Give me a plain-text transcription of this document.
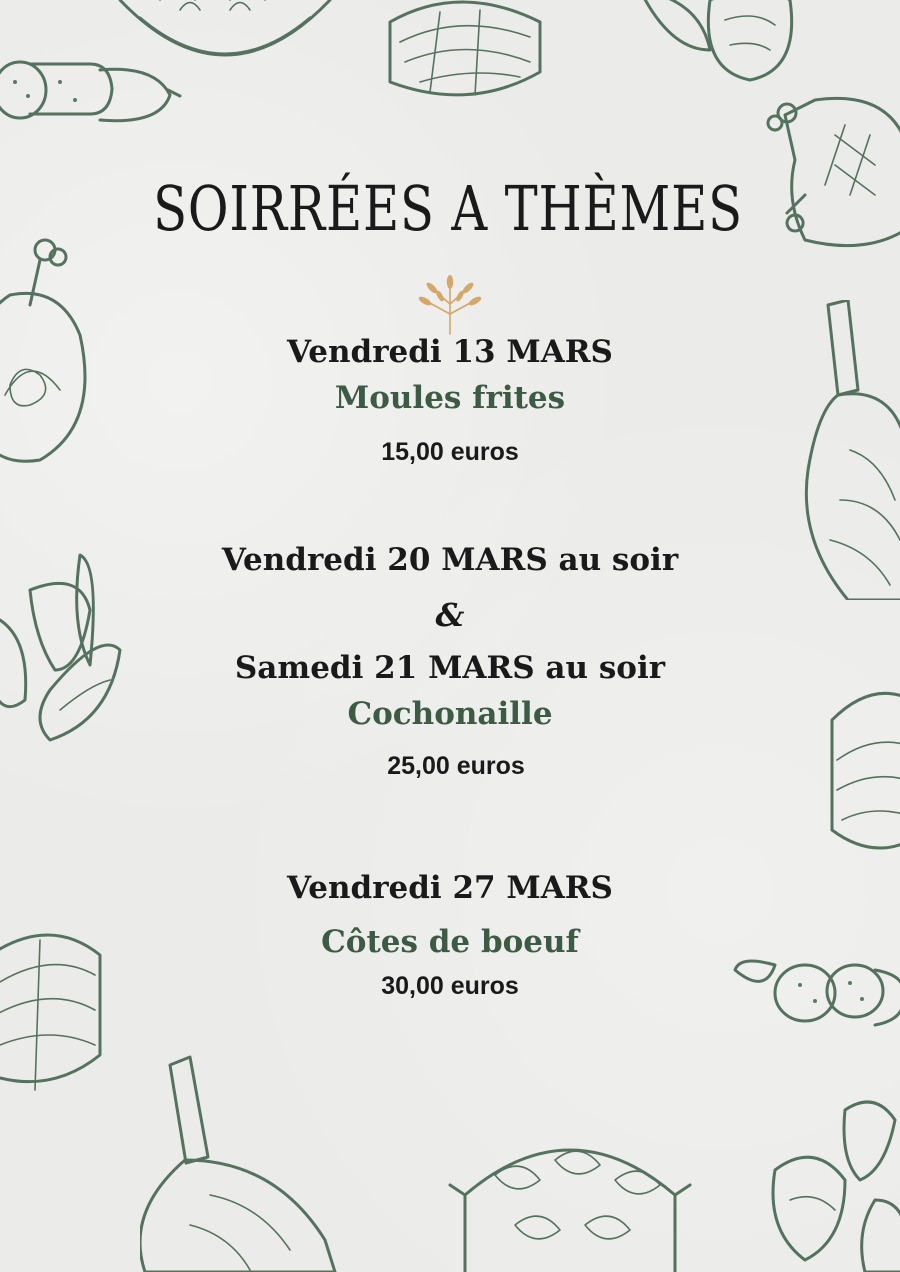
SOIRRÉES A THÈMES
Vendredi 13 MARS
Moules frites
15,00 euros
Vendredi 20 MARS au soir
&
Samedi 21 MARS au soir
Cochonaille
25,00 euros
Vendredi 27 MARS
Côtes de boeuf
30,00 euros
